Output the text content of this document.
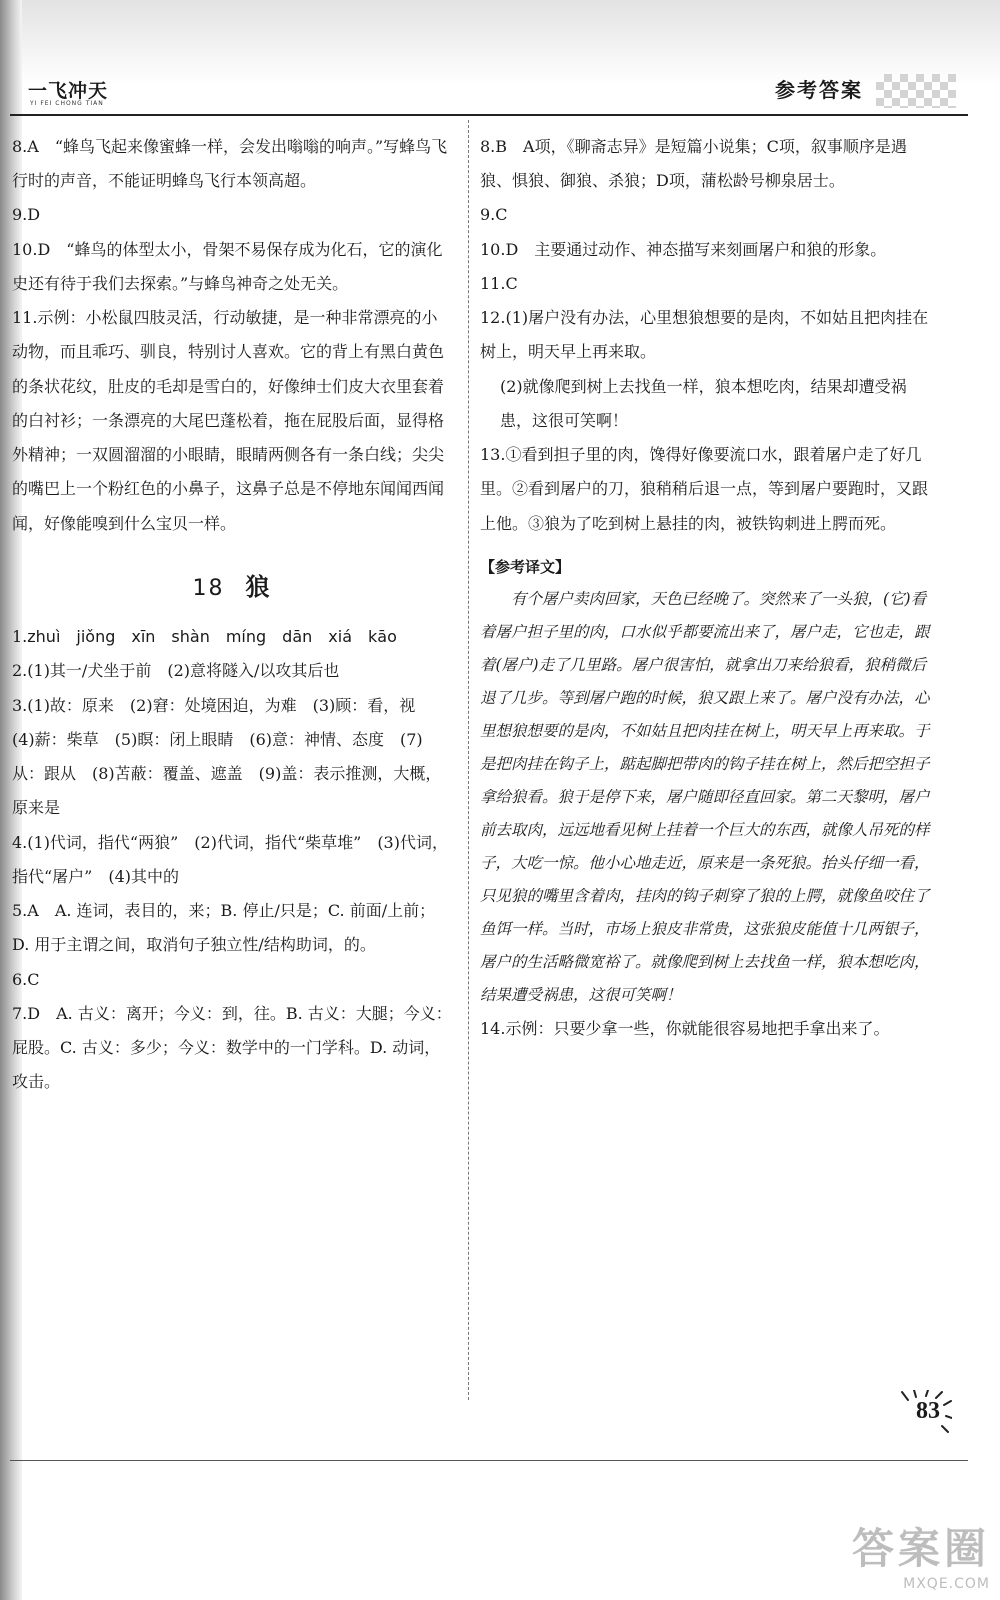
一飞冲天
YI FEI CHONG TIAN
参考答案

8.A　“蜂鸟飞起来像蜜蜂一样，会发出嗡嗡的响声。”写蜂鸟飞行时的声音，不能证明蜂鸟飞行本领高超。

9.D

10.D　“蜂鸟的体型太小，骨架不易保存成为化石，它的演化史还有待于我们去探索。”与蜂鸟神奇之处无关。

11.示例：小松鼠四肢灵活，行动敏捷，是一种非常漂亮的小动物，而且乖巧、驯良，特别讨人喜欢。它的背上有黑白黄色的条状花纹，肚皮的毛却是雪白的，好像绅士们皮大衣里套着的白衬衫；一条漂亮的大尾巴蓬松着，拖在屁股后面，显得格外精神；一双圆溜溜的小眼睛，眼睛两侧各有一条白线；尖尖的嘴巴上一个粉红色的小鼻子，这鼻子总是不停地东闻闻西闻闻，好像能嗅到什么宝贝一样。

18 狼

1.zhuì　jiǒng　xīn　shàn　míng　dān　xiá　kāo

2.(1)其一/犬坐于前　(2)意将隧入/以攻其后也

3.(1)故：原来　(2)窘：处境困迫，为难　(3)顾：看，视　(4)薪：柴草　(5)瞑：闭上眼睛　(6)意：神情、态度　(7)从：跟从　(8)苫蔽：覆盖、遮盖　(9)盖：表示推测，大概，原来是

4.(1)代词，指代“两狼”　(2)代词，指代“柴草堆”　(3)代词，指代“屠户”　(4)其中的

5.A　A. 连词，表目的，来；B. 停止/只是；C. 前面/上前；D. 用于主谓之间，取消句子独立性/结构助词，的。

6.C

7.D　A. 古义：离开；今义：到，往。B. 古义：大腿；今义：屁股。C. 古义：多少；今义：数学中的一门学科。D. 动词，攻击。

8.B　A项，《聊斋志异》是短篇小说集；C项，叙事顺序是遇狼、惧狼、御狼、杀狼；D项，蒲松龄号柳泉居士。

9.C

10.D　主要通过动作、神态描写来刻画屠户和狼的形象。

11.C

12.(1)屠户没有办法，心里想狼想要的是肉，不如姑且把肉挂在树上，明天早上再来取。

(2)就像爬到树上去找鱼一样，狼本想吃肉，结果却遭受祸患，这很可笑啊！

13.①看到担子里的肉，馋得好像要流口水，跟着屠户走了好几里。②看到屠户的刀，狼稍稍后退一点，等到屠户要跑时，又跟上他。③狼为了吃到树上悬挂的肉，被铁钩刺进上腭而死。

【参考译文】

有个屠户卖肉回家，天色已经晚了。突然来了一头狼，(它)看着屠户担子里的肉，口水似乎都要流出来了，屠户走，它也走，跟着(屠户)走了几里路。屠户很害怕，就拿出刀来给狼看，狼稍微后退了几步。等到屠户跑的时候，狼又跟上来了。屠户没有办法，心里想狼想要的是肉，不如姑且把肉挂在树上，明天早上再来取。于是把肉挂在钩子上，踮起脚把带肉的钩子挂在树上，然后把空担子拿给狼看。狼于是停下来，屠户随即径直回家。第二天黎明，屠户前去取肉，远远地看见树上挂着一个巨大的东西，就像人吊死的样子，大吃一惊。他小心地走近，原来是一条死狼。抬头仔细一看，只见狼的嘴里含着肉，挂肉的钩子刺穿了狼的上腭，就像鱼咬住了鱼饵一样。当时，市场上狼皮非常贵，这张狼皮能值十几两银子，屠户的生活略微宽裕了。就像爬到树上去找鱼一样，狼本想吃肉，结果遭受祸患，这很可笑啊！

14.示例：只要少拿一些，你就能很容易地把手拿出来了。

83
答案圈
MXQE.COM
